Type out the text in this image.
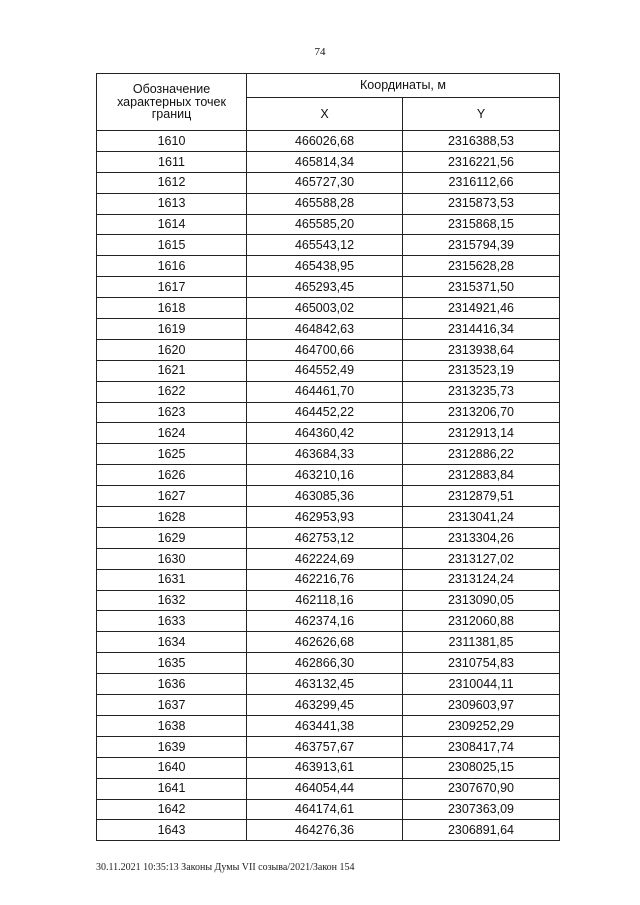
74
Обозначение характерных точек границ	Координаты, м	
	X	Y
1610	466026,68	2316388,53
1611	465814,34	2316221,56
1612	465727,30	2316112,66
1613	465588,28	2315873,53
1614	465585,20	2315868,15
1615	465543,12	2315794,39
1616	465438,95	2315628,28
1617	465293,45	2315371,50
1618	465003,02	2314921,46
1619	464842,63	2314416,34
1620	464700,66	2313938,64
1621	464552,49	2313523,19
1622	464461,70	2313235,73
1623	464452,22	2313206,70
1624	464360,42	2312913,14
1625	463684,33	2312886,22
1626	463210,16	2312883,84
1627	463085,36	2312879,51
1628	462953,93	2313041,24
1629	462753,12	2313304,26
1630	462224,69	2313127,02
1631	462216,76	2313124,24
1632	462118,16	2313090,05
1633	462374,16	2312060,88
1634	462626,68	2311381,85
1635	462866,30	2310754,83
1636	463132,45	2310044,11
1637	463299,45	2309603,97
1638	463441,38	2309252,29
1639	463757,67	2308417,74
1640	463913,61	2308025,15
1641	464054,44	2307670,90
1642	464174,61	2307363,09
1643	464276,36	2306891,64
30.11.2021 10:35:13 Законы Думы VII созыва/2021/Закон 154
